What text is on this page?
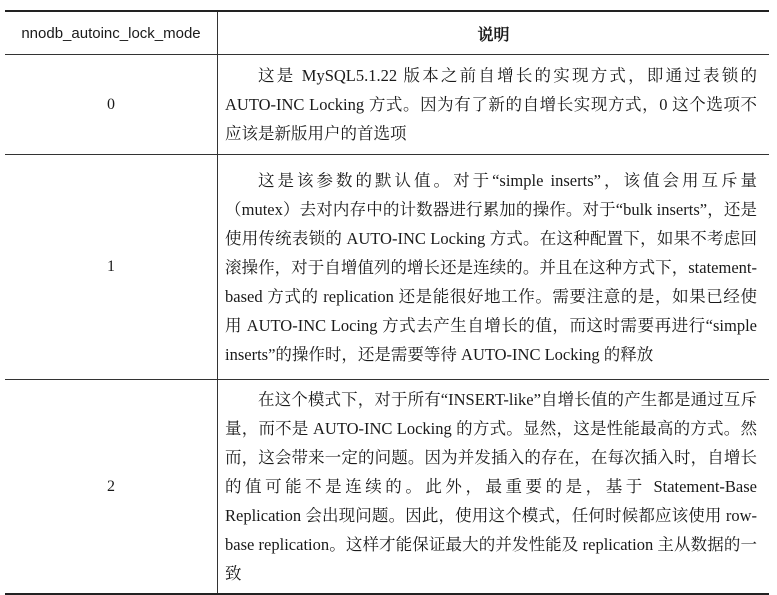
nnodb_autoinc_lock_mode	说明
0	这是 MySQL5.1.22 版本之前自增长的实现方式，即通过表锁的 AUTO-INC Locking 方式。因为有了新的自增长实现方式，0 这个选项不应该是新版用户的首选项

1	这是该参数的默认值。对于“simple inserts”，该值会用互斥量（mutex）去对内存中的计数器进行累加的操作。对于“bulk inserts”，还是使用传统表锁的 AUTO-INC Locking 方式。在这种配置下，如果不考虑回滚操作，对于自增值列的增长还是连续的。并且在这种方式下，statement-based 方式的 replication 还是能很好地工作。需要注意的是，如果已经使用 AUTO-INC Locing 方式去产生自增长的值，而这时需要再进行“simple inserts”的操作时，还是需要等待 AUTO-INC Locking 的释放

2	在这个模式下，对于所有“INSERT-like”自增长值的产生都是通过互斥量，而不是 AUTO-INC Locking 的方式。显然，这是性能最高的方式。然而，这会带来一定的问题。因为并发插入的存在，在每次插入时，自增长的值可能不是连续的。此外，最重要的是，基于 Statement-Base Replication 会出现问题。因此，使用这个模式，任何时候都应该使用 row-base replication。这样才能保证最大的并发性能及 replication 主从数据的一致
